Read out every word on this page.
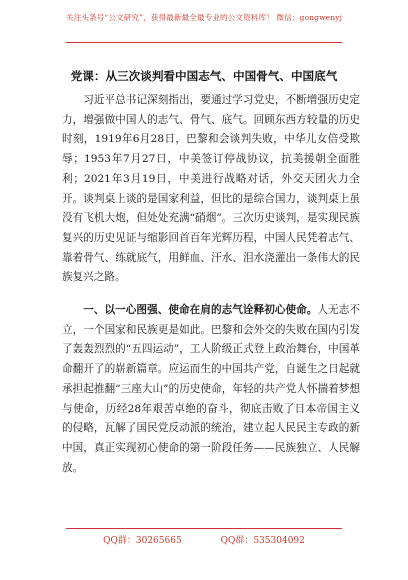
关注头条号“公文研究”，获得最新最全最专业的公文资料库！ 微信：gongwenyj
党课：从三次谈判看中国志气、中国骨气、中国底气

习近平总书记深刻指出，要通过学习党史，不断增强历史定力，增强做中国人的志气、骨气、底气。回顾东西方较量的历史时刻，1919年6月28日，巴黎和会谈判失败，中华儿女倍受欺辱；1953年7月27日，中美签订停战协议，抗美援朝全面胜利；2021年3月19日，中美进行战略对话，外交天团火力全开。谈判桌上谈的是国家利益，但比的是综合国力，谈判桌上虽没有飞机大炮，但处处充满“硝烟”。三次历史谈判，是实现民族复兴的历史见证与缩影回首百年光辉历程，中国人民凭着志气、靠着骨气、练就底气，用鲜血、汗水、泪水浇灌出一条伟大的民族复兴之路。

一、以一心图强、使命在肩的志气诠释初心使命。人无志不立，一个国家和民族更是如此。巴黎和会外交的失败在国内引发了轰轰烈烈的“五四运动”，工人阶级正式登上政治舞台，中国革命翻开了的崭新篇章。应运而生的中国共产党，自诞生之日起就承担起推翻“三座大山”的历史使命，年轻的共产党人怀揣着梦想与使命，历经28年艰苦卓绝的奋斗，彻底击败了日本帝国主义的侵略，瓦解了国民党反动派的统治，建立起人民民主专政的新中国，真正实现初心使命的第一阶段任务——民族独立、人民解放。

QQ群：30265665	QQ群：535304092
